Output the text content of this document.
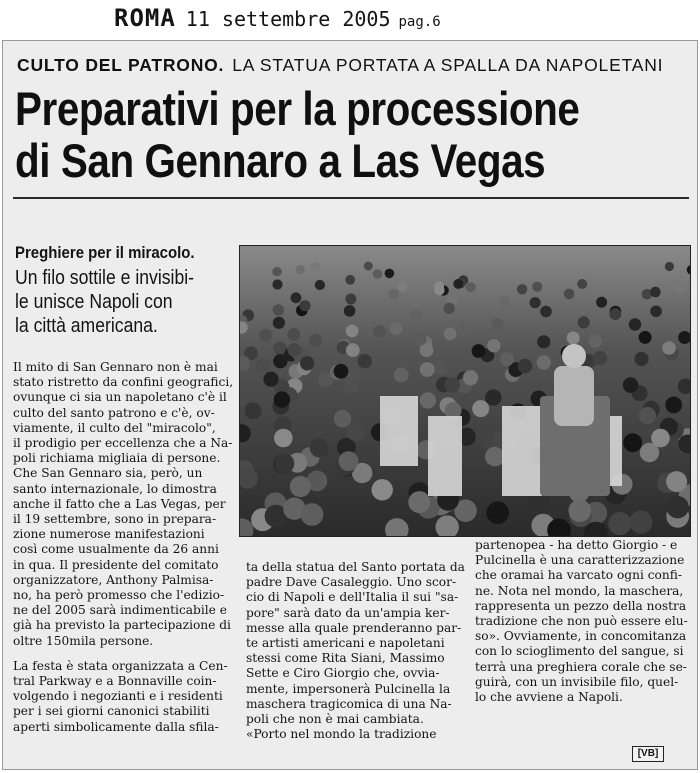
ROMA 11 settembre 2005 pag.6
CULTO DEL PATRONO. LA STATUA PORTATA A SPALLA DA NAPOLETANI
Preparativi per la processione
di San Gennaro a Las Vegas
Preghiere per il miracolo.
Un filo sottile e invisibi-
le unisce Napoli con
la città americana.
Il mito di San Gennaro non è mai
stato ristretto da confini geografici,
ovunque ci sia un napoletano c'è il
culto del santo patrono e c'è, ov-
viamente, il culto del "miracolo",
il prodigio per eccellenza che a Na-
poli richiama migliaia di persone.
Che San Gennaro sia, però, un
santo internazionale, lo dimostra
anche il fatto che a Las Vegas, per
il 19 settembre, sono in prepara-
zione numerose manifestazioni
così come usualmente da 26 anni
in qua. Il presidente del comitato
organizzatore, Anthony Palmisa-
no, ha però promesso che l'edizio-
ne del 2005 sarà indimenticabile e
già ha previsto la partecipazione di
oltre 150mila persone.
La festa è stata organizzata a Cen-
tral Parkway e a Bonnaville coin-
volgendo i negozianti e i residenti
per i sei giorni canonici stabiliti
aperti simbolicamente dalla sfila-
ta della statua del Santo portata da
padre Dave Casaleggio. Uno scor-
cio di Napoli e dell'Italia il sui "sa-
pore" sarà dato da un'ampia ker-
messe alla quale prenderanno par-
te artisti americani e napoletani
stessi come Rita Siani, Massimo
Sette e Ciro Giorgio che, ovvia-
mente, impersonerà Pulcinella la
maschera tragicomica di una Na-
poli che non è mai cambiata.
«Porto nel mondo la tradizione
partenopea - ha detto Giorgio - e
Pulcinella è una caratterizzazione
che oramai ha varcato ogni confi-
ne. Nota nel mondo, la maschera,
rappresenta un pezzo della nostra
tradizione che non può essere elu-
so». Ovviamente, in concomitanza
con lo scioglimento del sangue, si
terrà una preghiera corale che se-
guirà, con un invisibile filo, quel-
lo che avviene a Napoli.
[VB]
